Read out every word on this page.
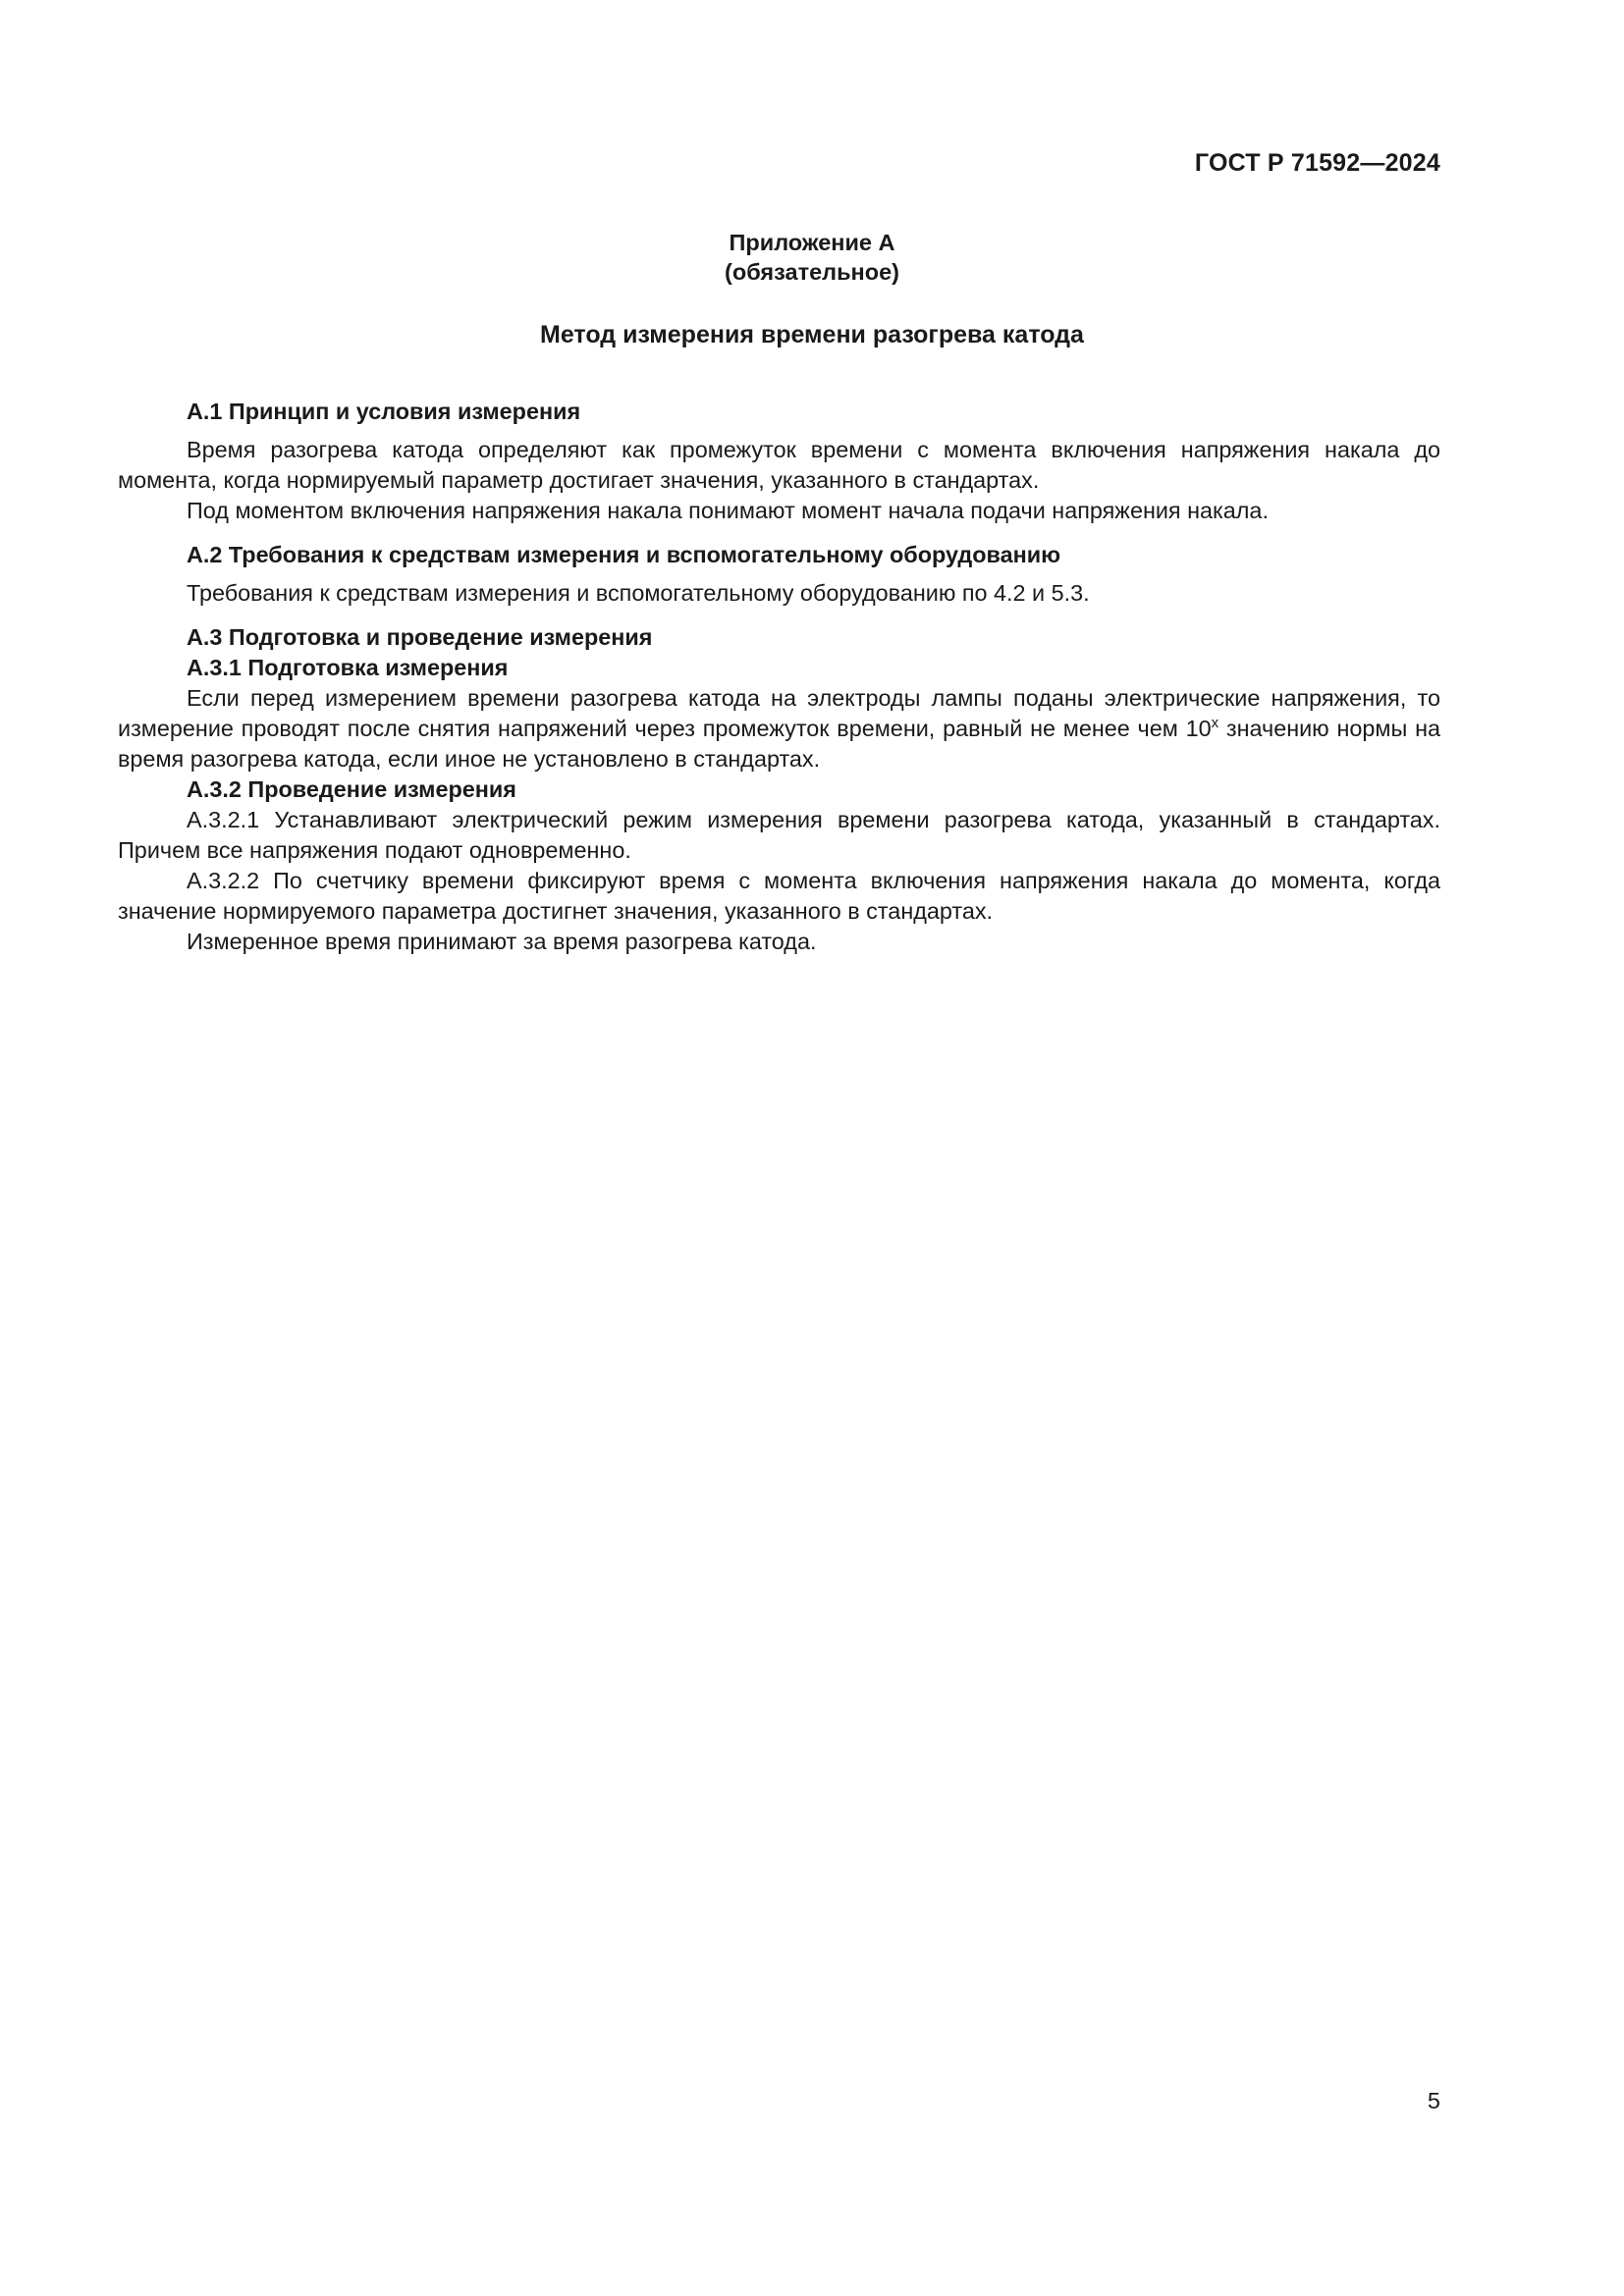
ГОСТ Р 71592—2024
Приложение А
(обязательное)
Метод измерения времени разогрева катода

А.1 Принцип и условия измерения

Время разогрева катода определяют как промежуток времени с момента включения напряжения накала до момента, когда нормируемый параметр достигает значения, указанного в стандартах.

Под моментом включения напряжения накала понимают момент начала подачи напряжения накала.

А.2 Требования к средствам измерения и вспомогательному оборудованию

Требования к средствам измерения и вспомогательному оборудованию по 4.2 и 5.3.

А.3 Подготовка и проведение измерения

А.3.1 Подготовка измерения

Если перед измерением времени разогрева катода на электроды лампы поданы электрические напряжения, то измерение проводят после снятия напряжений через промежуток времени, равный не менее чем 10$^x$ значению нормы на время разогрева катода, если иное не установлено в стандартах.

А.3.2 Проведение измерения

А.3.2.1 Устанавливают электрический режим измерения времени разогрева катода, указанный в стандартах. Причем все напряжения подают одновременно.

А.3.2.2 По счетчику времени фиксируют время с момента включения напряжения накала до момента, когда значение нормируемого параметра достигнет значения, указанного в стандартах.

Измеренное время принимают за время разогрева катода.

5
